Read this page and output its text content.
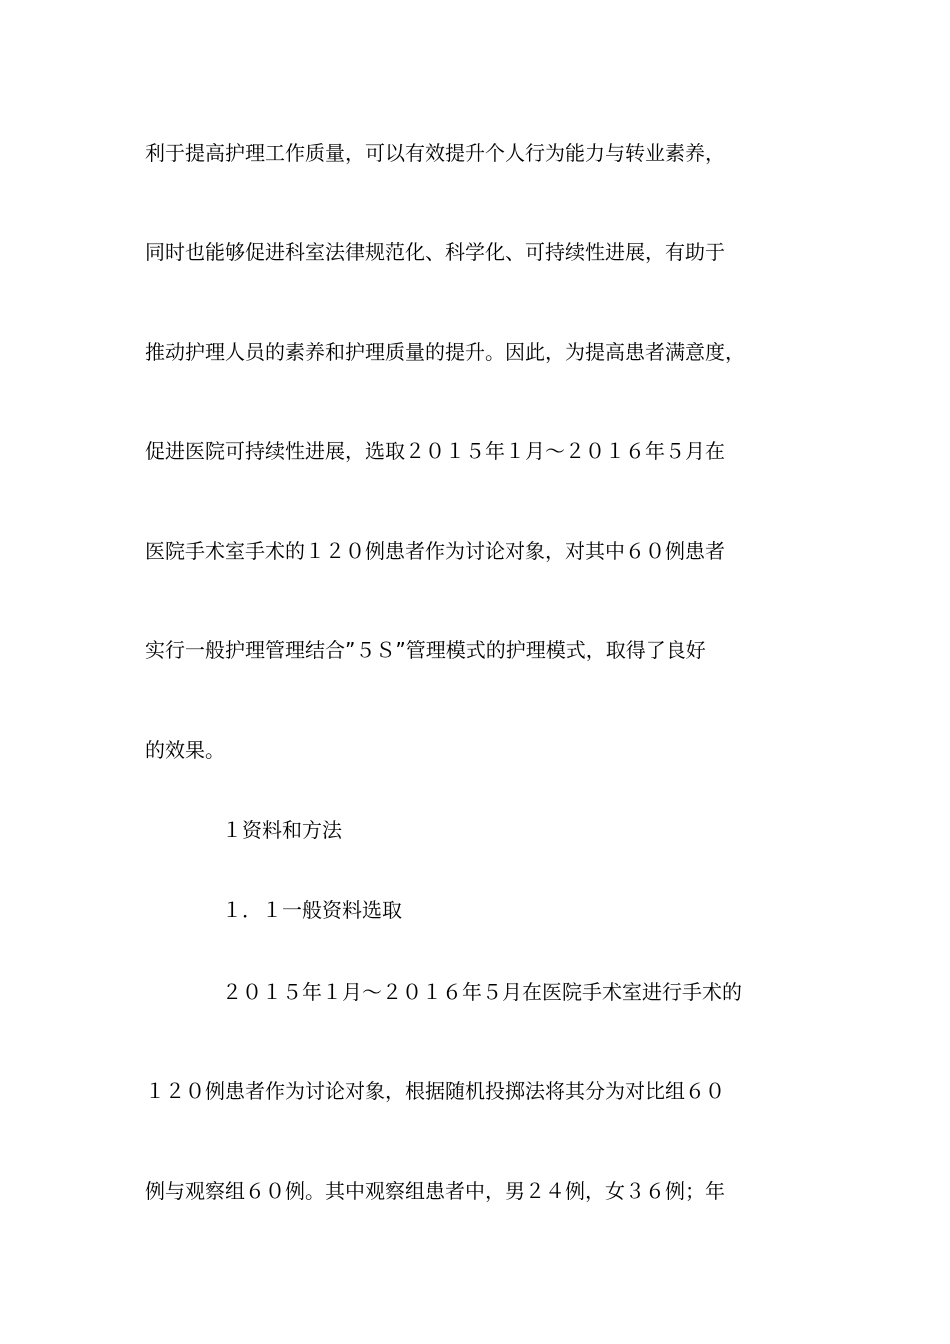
利于提高护理工作质量，可以有效提升个人行为能力与转业素养，
同时也能够促进科室法律规范化、科学化、可持续性进展，有助于
推动护理人员的素养和护理质量的提升。因此，为提高患者满意度，
促进医院可持续性进展，选取２０１５年１月～２０１６年５月在
医院手术室手术的１２０例患者作为讨论对象，对其中６０例患者
实行一般护理管理结合”５Ｓ”管理模式的护理模式，取得了良好
的效果。
１资料和方法
１．１一般资料选取
２０１５年１月～２０１６年５月在医院手术室进行手术的
１２０例患者作为讨论对象，根据随机投掷法将其分为对比组６０
例与观察组６０例。其中观察组患者中，男２４例，女３６例；年
